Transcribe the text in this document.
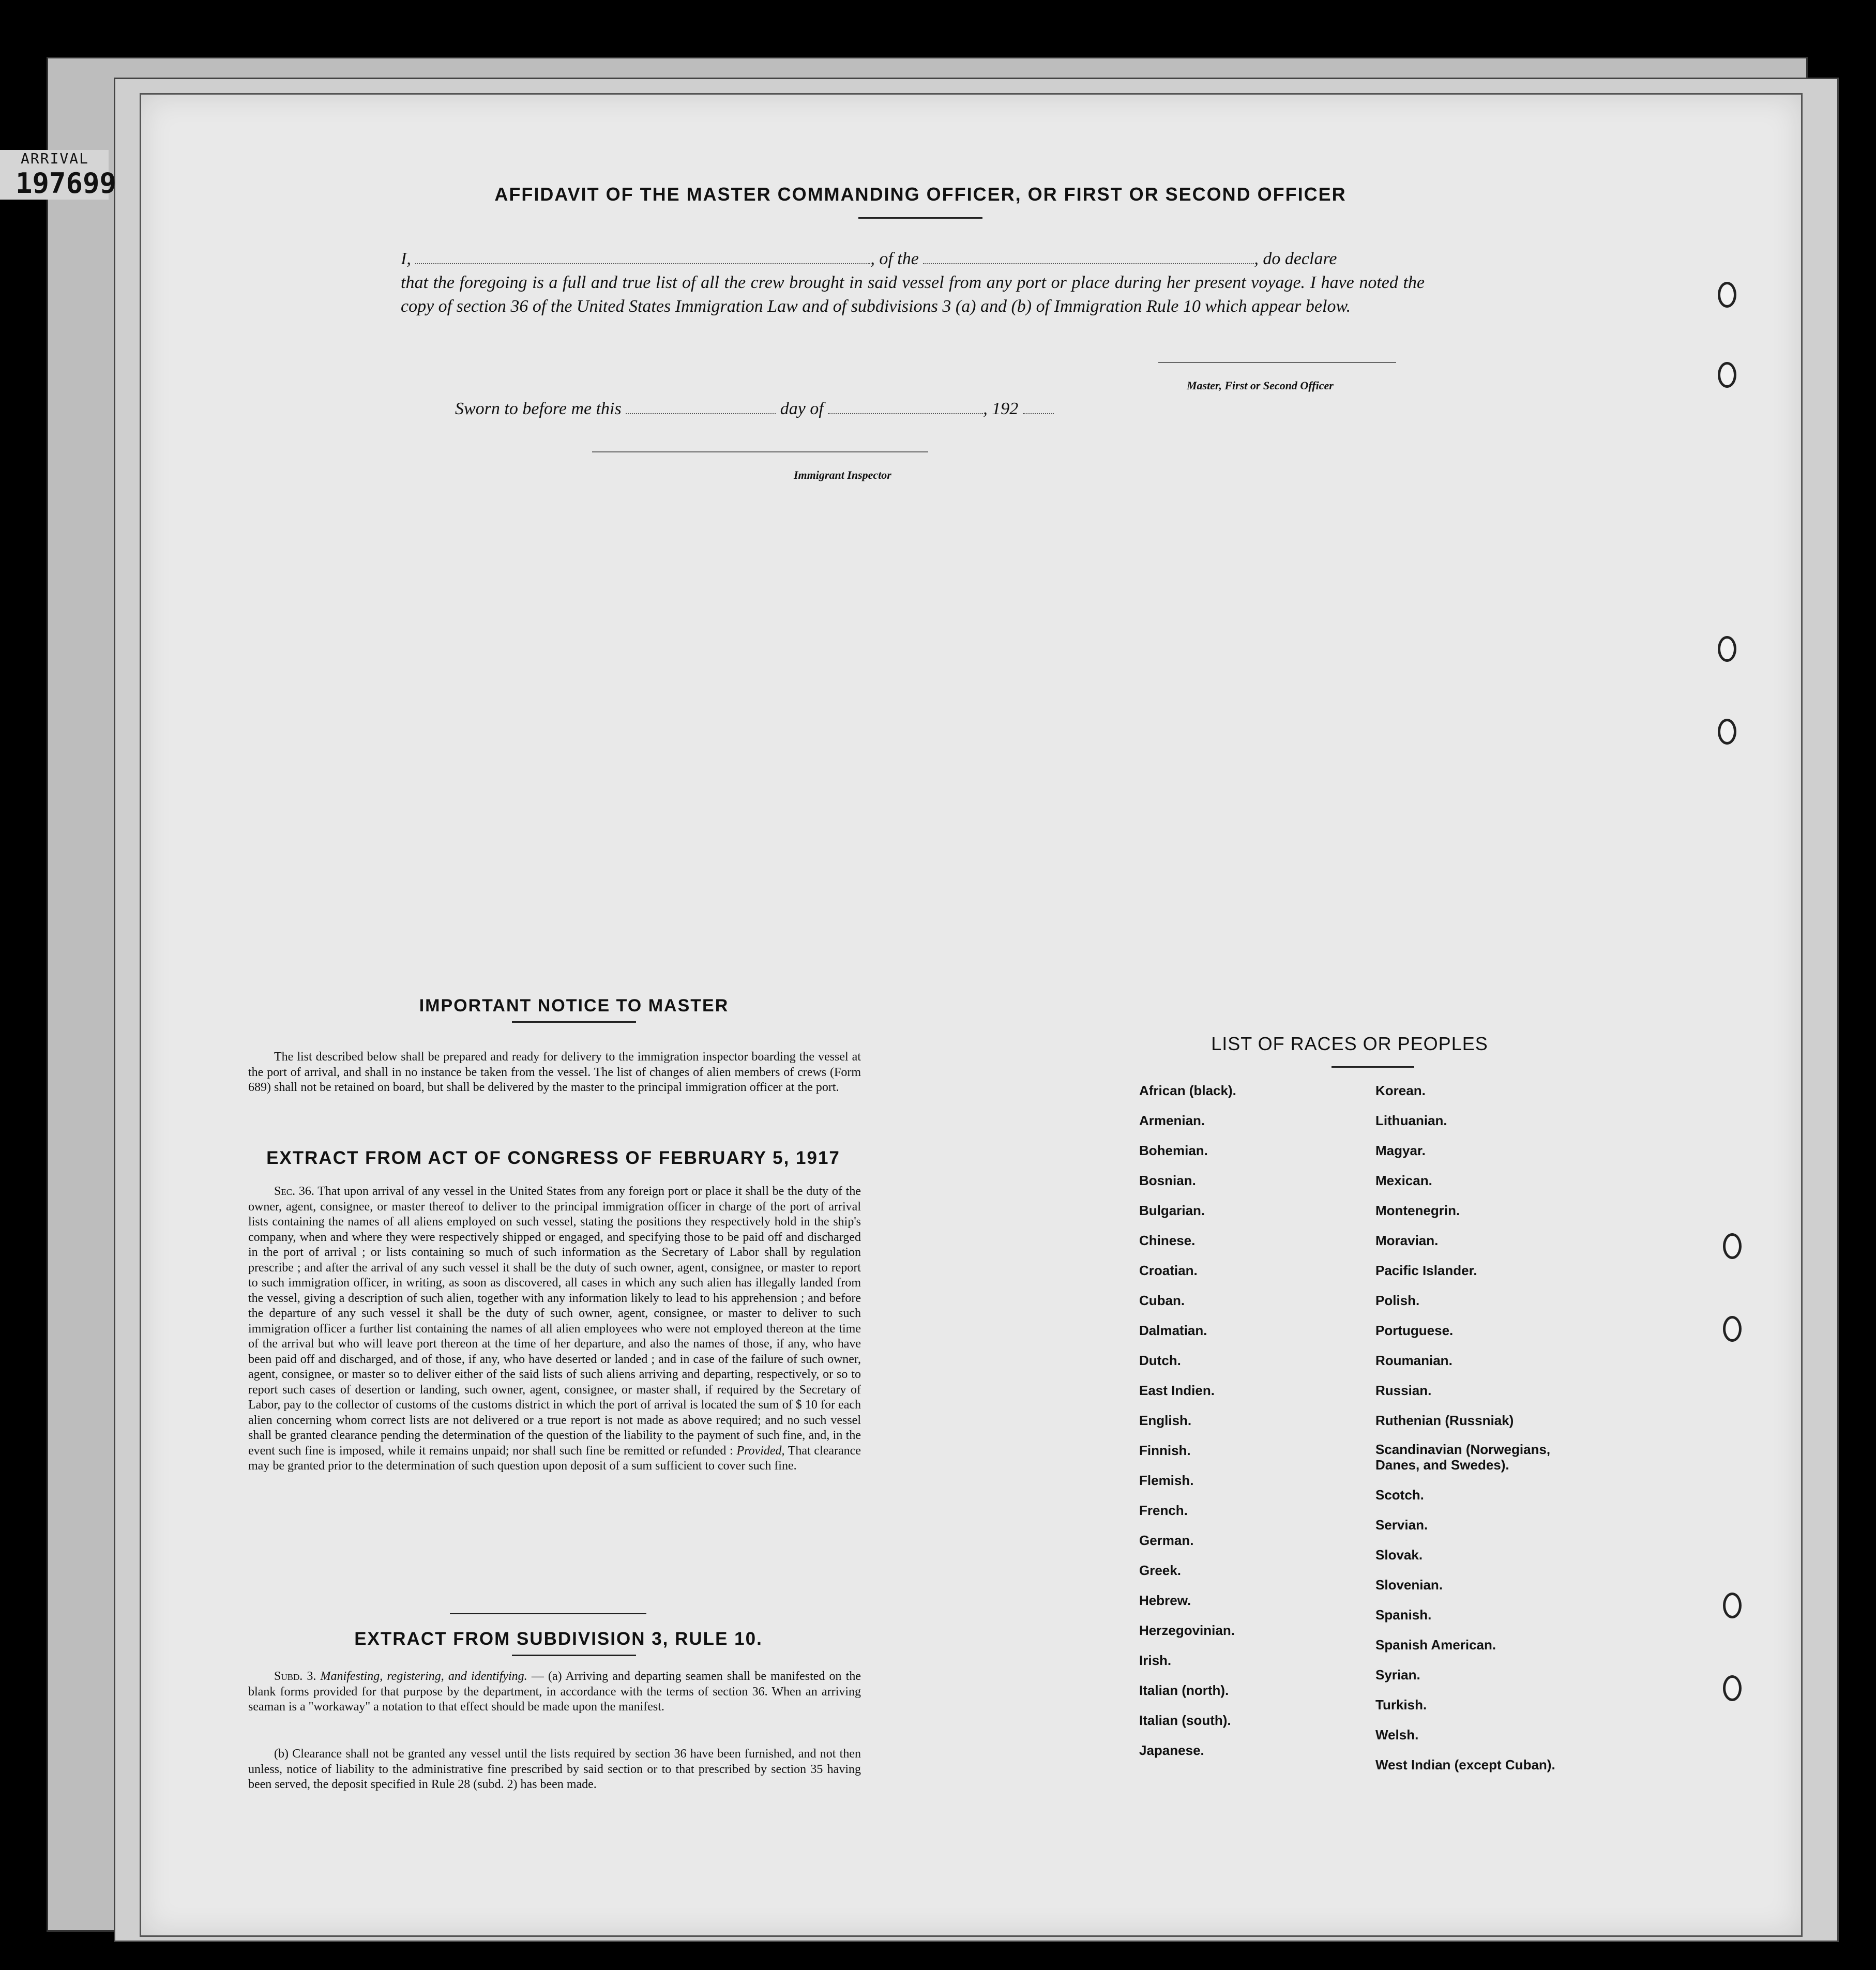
ARRIVAL
197699	AFFIDAVIT OF THE MASTER COMMANDING OFFICER, OR FIRST OR SECOND OFFICER
I,	, of the	, do declare
that the foregoing is a full and true list of all the crew brought in said vessel from any port or place during her present voyage. I have noted the copy of section 36 of the United States Immigration Law and of subdivisions 3 (a) and (b) of Immigration Rule 10 which appear below.
Master, First or Second Officer
Sworn to before me this	day of	, 192
Immigrant Inspector
IMPORTANT NOTICE TO MASTER
The list described below shall be prepared and ready for delivery to the immigration inspector boarding the vessel at the port of arrival, and shall in no instance be taken from the vessel. The list of changes of alien members of crews (Form 689) shall not be retained on board, but shall be delivered by the master to the principal immigration officer at the port.
EXTRACT FROM ACT OF CONGRESS OF FEBRUARY 5, 1917
Sec. 36. That upon arrival of any vessel in the United States from any foreign port or place it shall be the duty of the owner, agent, consignee, or master thereof to deliver to the principal immigration officer in charge of the port of arrival lists containing the names of all aliens employed on such vessel, stating the positions they respectively hold in the ship's company, when and where they were respectively shipped or engaged, and specifying those to be paid off and discharged in the port of arrival ; or lists containing so much of such information as the Secretary of Labor shall by regulation prescribe ; and after the arrival of any such vessel it shall be the duty of such owner, agent, consignee, or master to report to such immigration officer, in writing, as soon as discovered, all cases in which any such alien has illegally landed from the vessel, giving a description of such alien, together with any information likely to lead to his apprehension ; and before the departure of any such vessel it shall be the duty of such owner, agent, consignee, or master to deliver to such immigration officer a further list containing the names of all alien employees who were not employed thereon at the time of the arrival but who will leave port thereon at the time of her departure, and also the names of those, if any, who have been paid off and discharged, and of those, if any, who have deserted or landed ; and in case of the failure of such owner, agent, consignee, or master so to deliver either of the said lists of such aliens arriving and departing, respectively, or so to report such cases of desertion or landing, such owner, agent, consignee, or master shall, if required by the Secretary of Labor, pay to the collector of customs of the customs district in which the port of arrival is located the sum of $ 10 for each alien concerning whom correct lists are not delivered or a true report is not made as above required; and no such vessel shall be granted clearance pending the determination of the question of the liability to the payment of such fine, and, in the event such fine is imposed, while it remains unpaid; nor shall such fine be remitted or refunded : Provided, That clearance may be granted prior to the determination of such question upon deposit of a sum sufficient to cover such fine.
EXTRACT FROM SUBDIVISION 3, RULE 10.
Subd. 3. Manifesting, registering, and identifying. — (a) Arriving and departing seamen shall be manifested on the blank forms provided for that purpose by the department, in accordance with the terms of section 36. When an arriving seaman is a "workaway" a notation to that effect should be made upon the manifest.
(b) Clearance shall not be granted any vessel until the lists required by section 36 have been furnished, and not then unless, notice of liability to the administrative fine prescribed by said section or to that prescribed by section 35 having been served, the deposit specified in Rule 28 (subd. 2) has been made.
LIST OF RACES OR PEOPLES
African (black).
Armenian.
Bohemian.
Bosnian.
Bulgarian.
Chinese.
Croatian.
Cuban.
Dalmatian.
Dutch.
East Indien.
English.
Finnish.
Flemish.
French.
German.
Greek.
Hebrew.
Herzegovinian.
Irish.
Italian (north).
Italian (south).
Japanese.
Korean.
Lithuanian.
Magyar.
Mexican.
Montenegrin.
Moravian.
Pacific Islander.
Polish.
Portuguese.
Roumanian.
Russian.
Ruthenian (Russniak)
Scandinavian (Norwegians, Danes, and Swedes).
Scotch.
Servian.
Slovak.
Slovenian.
Spanish.
Spanish American.
Syrian.
Turkish.
Welsh.
West Indian (except Cuban).
